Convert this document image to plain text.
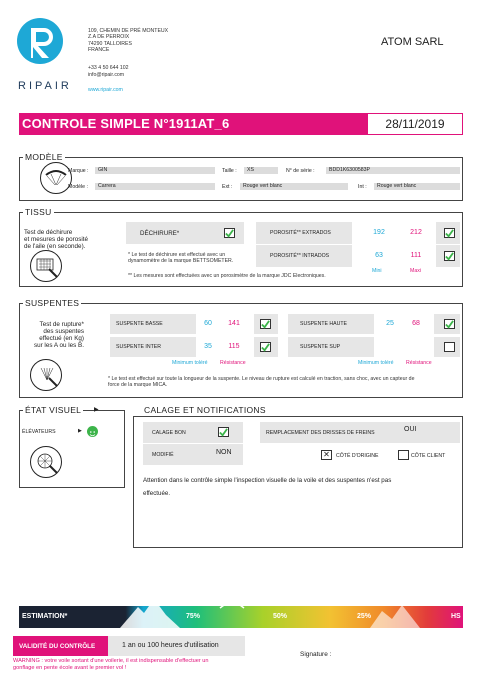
RIPAIR
109, CHEMIN DE PRÉ MONTEUX
Z.A DE PERROIX
74290 TALLOIRES
FRANCE
+33 4 50 644 102
info@ripair.com
www.ripair.com
ATOM SARL
CONTROLE SIMPLE N°1911AT_6	28/11/2019
MODÈLE
Marque :	GIN	Taille :	XS	N° de série :	BDD1K6300583P
Modèle :	Carrera	Ext :	Rouge vert blanc	Int :	Rouge vert blanc
TISSU
Test de déchirure
et mesures de porosité
de l'aile (en seconde).
DÉCHIRURE*
* Le test de déchirure est effectué avec un
dynamomètre de la marque BETTSOMETER.
** Les mesures sont effectuées avec un porosimètre de la marque JDC Electroniques.
POROSITÉ** EXTRADOS	192	212
POROSITÉ** INTRADOS	63	111
Mini	Maxi
SUSPENTES
Test de rupture*
des suspentes
effectué (en Kg)
sur les A ou les B.
SUSPENTE BASSE	60	141
SUSPENTE INTER	35	115
Minimum toléré Résistance
SUSPENTE HAUTE	25	68
SUSPENTE SUP
Minimum toléré Résistance
* Le test est effectué sur toute la longueur de la suspente. Le niveau de rupture est calculé en traction, sans choc, avec un capteur de
force de la marque MICA.
ÉTAT VISUEL	▶
ÉLÉVATEURS	▶
CALAGE ET NOTIFICATIONS
CALAGE BON
MODIFIÉ	NON
REMPLACEMENT DES DRISSES DE FREINS	OUI
✕	CÔTÉ D'ORIGINE	CÔTE CLIENT
Attention dans le contrôle simple l'inspection visuelle de la voile et des suspentes n'est pas
effectuée.
ESTIMATION*	75%	50%	25%	HS
VALIDITÉ DU CONTRÔLE	1 an ou 100 heures d'utilisation
Signature :
WARNING : votre voile sortant d'une voilerie, il est indispensable d'effectuer un
gonflage en pente école avant le premier vol !
